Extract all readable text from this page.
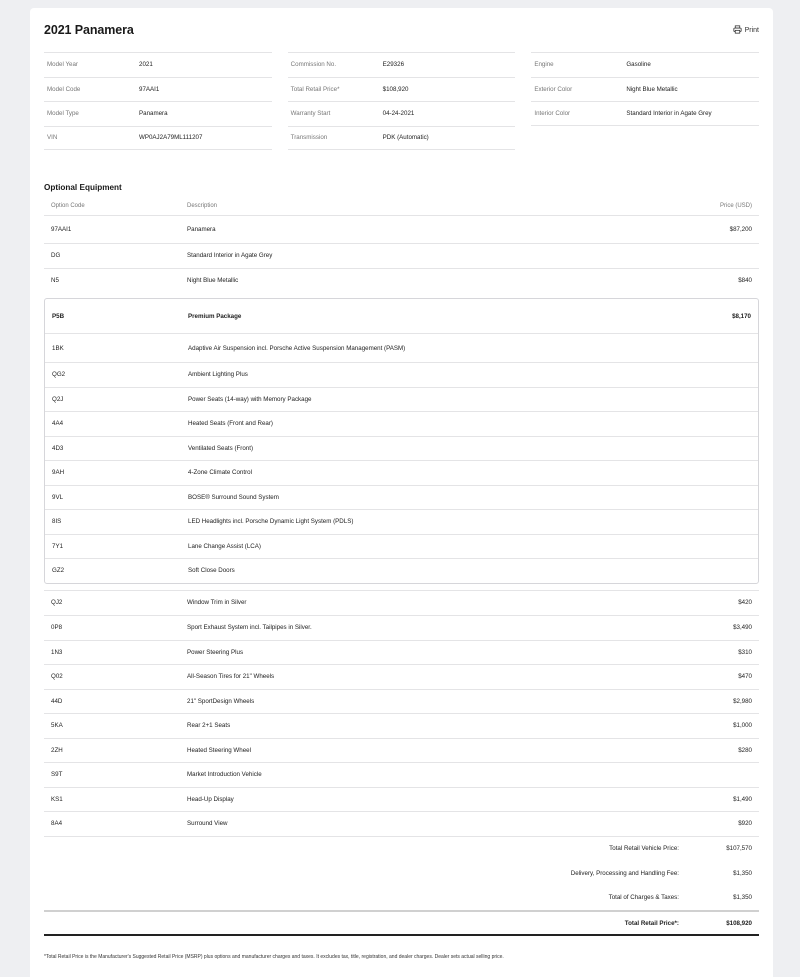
2021 Panamera	Print
Model Year	2021
Model Code	97AAI1
Model Type	Panamera
VIN	WP0AJ2A79ML111207
Commission No.	E29326
Total Retail Price*	$108,920
Warranty Start	04-24-2021
Transmission	PDK (Automatic)
Engine	Gasoline
Exterior Color	Night Blue Metallic
Interior Color	Standard Interior in Agate Grey
Optional Equipment
Option Code	Description	Price (USD)
97AAI1	Panamera	$87,200
DG	Standard Interior in Agate Grey
N5	Night Blue Metallic	$840
P5B	Premium Package	$8,170
1BK	Adaptive Air Suspension incl. Porsche Active Suspension Management (PASM)
QG2	Ambient Lighting Plus
Q2J	Power Seats (14-way) with Memory Package
4A4	Heated Seats (Front and Rear)
4D3	Ventilated Seats (Front)
9AH	4-Zone Climate Control
9VL	BOSE® Surround Sound System
8IS	LED Headlights incl. Porsche Dynamic Light System (PDLS)
7Y1	Lane Change Assist (LCA)
GZ2	Soft Close Doors
QJ2	Window Trim in Silver	$420
0P8	Sport Exhaust System incl. Tailpipes in Silver.	$3,490
1N3	Power Steering Plus	$310
Q02	All-Season Tires for 21" Wheels	$470
44D	21" SportDesign Wheels	$2,980
5KA	Rear 2+1 Seats	$1,000
2ZH	Heated Steering Wheel	$280
S9T	Market Introduction Vehicle
KS1	Head-Up Display	$1,490
8A4	Surround View	$920
Total Retail Vehicle Price:	$107,570
Delivery, Processing and Handling Fee:	$1,350
Total of Charges & Taxes:	$1,350
Total Retail Price*:	$108,920
*Total Retail Price is the Manufacturer's Suggested Retail Price (MSRP) plus options and manufacturer charges and taxes. It excludes tax, title, registration, and dealer charges. Dealer sets actual selling price.
